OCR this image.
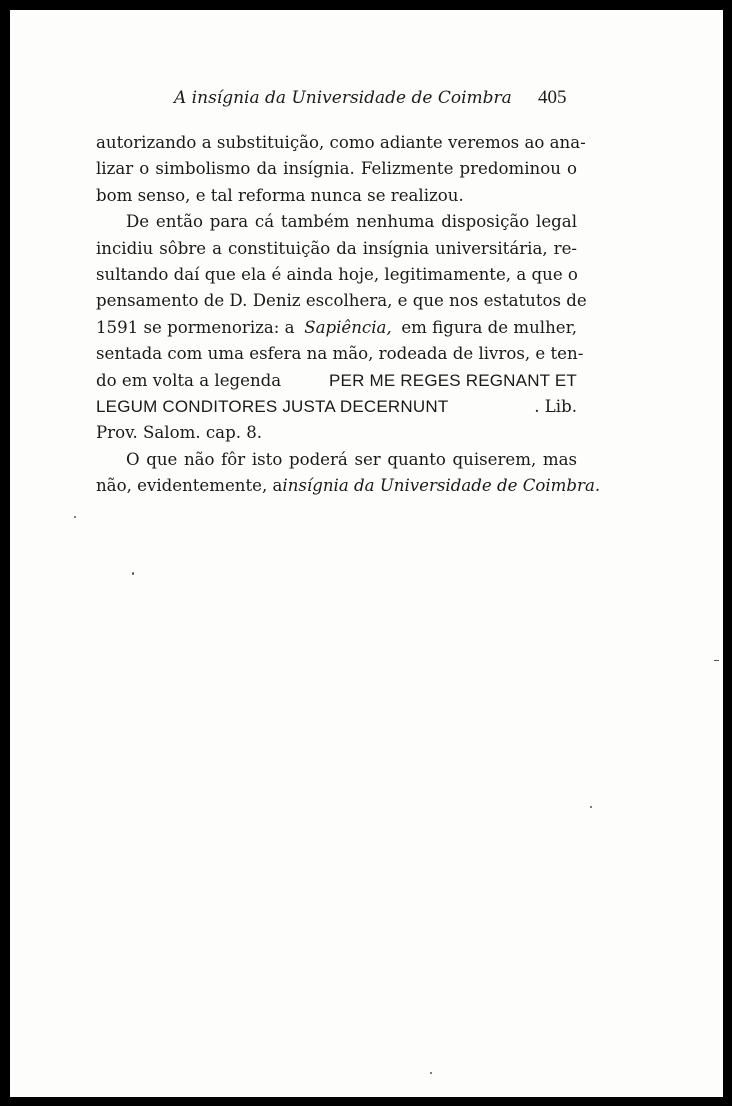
A insígnia da Universidade de Coimbra 405
autorizando a substituição, como adiante veremos ao ana-
lizar o simbolismo da insígnia. Felizmente predominou o
bom senso, e tal reforma nunca se realizou.
De então para cá também nenhuma disposição legal
incidiu sôbre a constituição da insígnia universitária, re-
sultando daí que ela é ainda hoje, legitimamente, a que o
pensamento de D. Deniz escolhera, e que nos estatutos de
1591 se pormenoriza: a Sapiência, em figura de mulher,
sentada com uma esfera na mão, rodeada de livros, e ten-
do em volta a legenda	PER ME REGES REGNANT ET
LEGUM CONDITORES JUSTA DECERNUNT	. Lib.
Prov. Salom. cap. 8.
O que não fôr isto poderá ser quanto quiserem, mas
não, evidentemente, a insígnia da Universidade de Coimbra.
